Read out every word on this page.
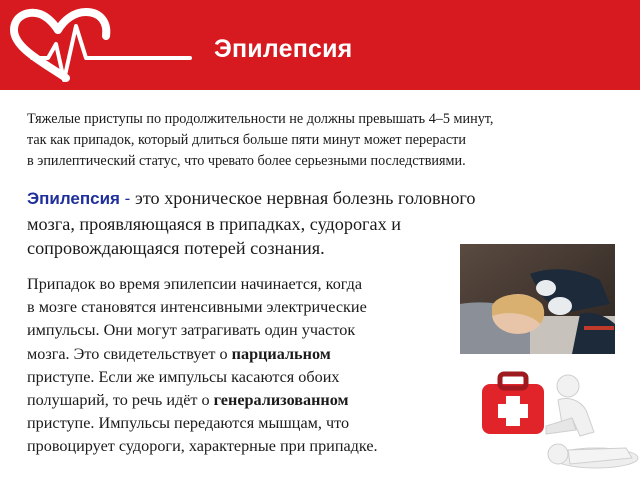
Эпилепсия
Тяжелые приступы по продолжительности не должны превышать 4–5 минут,
так как припадок, который длиться больше пяти минут может перерасти
в эпилептический статус, что чревато более серьезными последствиями.
Эпилепсия - это хроническое нервная болезнь головного
мозга, проявляющаяся в припадках, судорогах и
сопровождающаяся потерей сознания.
Припадок во время эпилепсии начинается, когда
в мозге становятся интенсивными электрические
импульсы. Они могут затрагивать один участок
мозга. Это свидетельствует о парциальном
приступе. Если же импульсы касаются обоих
полушарий, то речь идёт о генерализованном
приступе. Импульсы передаются мышцам, что
провоцирует судороги, характерные при припадке.
